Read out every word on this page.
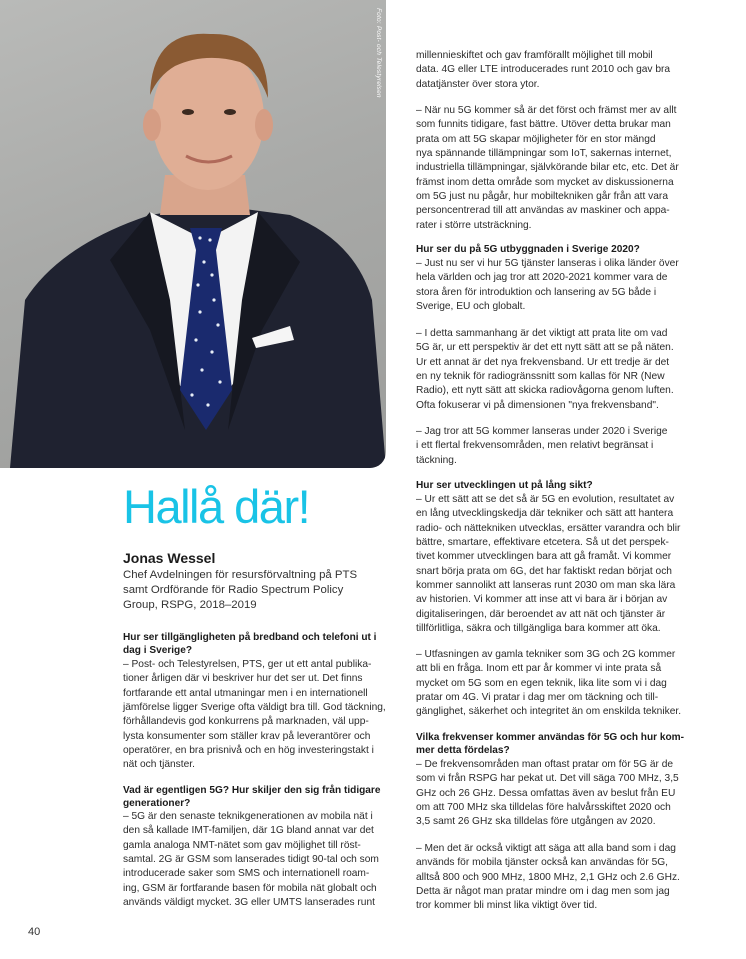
Foto: Post- och Telestyrelsen
Hallå där!
Jonas Wessel
Chef Avdelningen för resursförvaltning på PTS
samt Ordförande för Radio Spectrum Policy
Group, RSPG, 2018–2019
Hur ser tillgängligheten på bredband och telefoni ut i
dag i Sverige?
– Post- och Telestyrelsen, PTS, ger ut ett antal publika-
tioner årligen där vi beskriver hur det ser ut. Det finns
fortfarande ett antal utmaningar men i en internationell
jämförelse ligger Sverige ofta väldigt bra till. God täckning,
förhållandevis god konkurrens på marknaden, väl upp-
lysta konsumenter som ställer krav på leverantörer och
operatörer, en bra prisnivå och en hög investeringstakt i
nät och tjänster.
Vad är egentligen 5G? Hur skiljer den sig från tidigare
generationer?
– 5G är den senaste teknikgenerationen av mobila nät i
den så kallade IMT-familjen, där 1G bland annat var det
gamla analoga NMT-nätet som gav möjlighet till röst-
samtal. 2G är GSM som lanserades tidigt 90-tal och som
introducerade saker som SMS och internationell roam-
ing, GSM är fortfarande basen för mobila nät globalt och
används väldigt mycket. 3G eller UMTS lanserades runt
millennieskiftet och gav framförallt möjlighet till mobil
data. 4G eller LTE introducerades runt 2010 och gav bra
datatjänster över stora ytor.
– När nu 5G kommer så är det först och främst mer av allt
som funnits tidigare, fast bättre. Utöver detta brukar man
prata om att 5G skapar möjligheter för en stor mängd
nya spännande tillämpningar som IoT, sakernas internet,
industriella tillämpningar, självkörande bilar etc, etc. Det är
främst inom detta område som mycket av diskussionerna
om 5G just nu pågår, hur mobiltekniken går från att vara
personcentrerad till att användas av maskiner och appa-
rater i större utsträckning.
Hur ser du på 5G utbyggnaden i Sverige 2020?
– Just nu ser vi hur 5G tjänster lanseras i olika länder över
hela världen och jag tror att 2020-2021 kommer vara de
stora åren för introduktion och lansering av 5G både i
Sverige, EU och globalt.
– I detta sammanhang är det viktigt att prata lite om vad
5G är, ur ett perspektiv är det ett nytt sätt att se på näten.
Ur ett annat är det nya frekvensband. Ur ett tredje är det
en ny teknik för radiogränssnitt som kallas för NR (New
Radio), ett nytt sätt att skicka radiovågorna genom luften.
Ofta fokuserar vi på dimensionen "nya frekvensband".
– Jag tror att 5G kommer lanseras under 2020 i Sverige
i ett flertal frekvensområden, men relativt begränsat i
täckning.
Hur ser utvecklingen ut på lång sikt?
– Ur ett sätt att se det så är 5G en evolution, resultatet av
en lång utvecklingskedja där tekniker och sätt att hantera
radio- och nättekniken utvecklas, ersätter varandra och blir
bättre, smartare, effektivare etcetera. Så ut det perspek-
tivet kommer utvecklingen bara att gå framåt. Vi kommer
snart börja prata om 6G, det har faktiskt redan börjat och
kommer sannolikt att lanseras runt 2030 om man ska lära
av historien. Vi kommer att inse att vi bara är i början av
digitaliseringen, där beroendet av att nät och tjänster är
tillförlitliga, säkra och tillgängliga bara kommer att öka.
– Utfasningen av gamla tekniker som 3G och 2G kommer
att bli en fråga. Inom ett par år kommer vi inte prata så
mycket om 5G som en egen teknik, lika lite som vi i dag
pratar om 4G. Vi pratar i dag mer om täckning och till-
gänglighet, säkerhet och integritet än om enskilda tekniker.
Vilka frekvenser kommer användas för 5G och hur kom-
mer detta fördelas?
– De frekvensområden man oftast pratar om för 5G är de
som vi från RSPG har pekat ut. Det vill säga 700 MHz, 3,5
GHz och 26 GHz. Dessa omfattas även av beslut från EU
om att 700 MHz ska tilldelas före halvårsskiftet 2020 och
3,5 samt 26 GHz ska tilldelas före utgången av 2020.
– Men det är också viktigt att säga att alla band som i dag
används för mobila tjänster också kan användas för 5G,
alltså 800 och 900 MHz, 1800 MHz, 2,1 GHz och 2.6 GHz.
Detta är något man pratar mindre om i dag men som jag
tror kommer bli minst lika viktigt över tid.
40
